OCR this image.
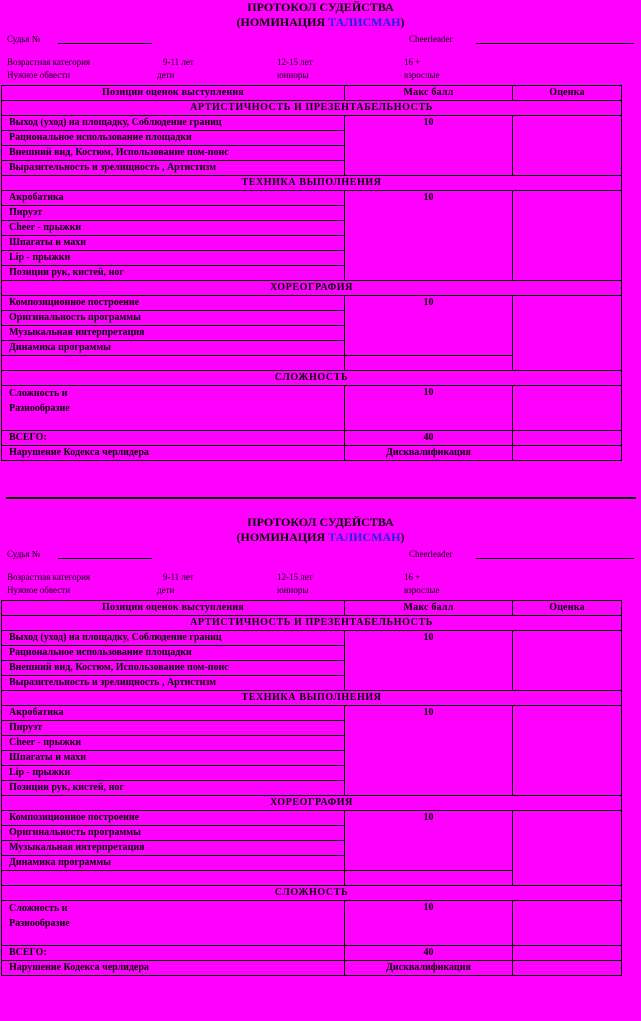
ПРОТОКОЛ СУДЕЙСТВА
(НОМИНАЦИЯ ТАЛИСМАН)
Судья №	Cheerleader
Возрастная категория	9-11 лет	12-15 лет	16 +
Нужное обвести	дети	юниоры	взрослые
Позиции оценок выступления	Макс балл	Оценка
АРТИСТИЧНОСТЬ И ПРЕЗЕНТАБЕЛЬНОСТЬ		
Выход (уход) на площадку, Соблюдение границ	10	
Рациональное использование площадки		
Внешний вид, Костюм, Использование пом-понс		
Выразительность и зрелищность , Артистизм		
ТЕХНИКА ВЫПОЛНЕНИЯ		
Акробатика	10	
Пируэт		
Cheer - прыжки		
Шпагаты и махи		
Lip - прыжки		
Позиции рук, кистей, ног		
ХОРЕОГРАФИЯ		
Композиционное построение	10	
Оригинальность программы		
Музыкальная интерпретация		
Динамика программы		

СЛОЖНОСТЬ		
Сложность и
Разнообразие	10	
ВСЕГО:	40	
Нарушение Кодекса черлидера	Дисквалификация	
ПРОТОКОЛ СУДЕЙСТВА
(НОМИНАЦИЯ ТАЛИСМАН)
Судья №	Cheerleader
Возрастная категория	9-11 лет	12-15 лет	16 +
Нужное обвести	дети	юниоры	взрослые
Позиции оценок выступления	Макс балл	Оценка
АРТИСТИЧНОСТЬ И ПРЕЗЕНТАБЕЛЬНОСТЬ		
Выход (уход) на площадку, Соблюдение границ	10	
Рациональное использование площадки		
Внешний вид, Костюм, Использование пом-понс		
Выразительность и зрелищность , Артистизм		
ТЕХНИКА ВЫПОЛНЕНИЯ		
Акробатика	10	
Пируэт		
Cheer - прыжки		
Шпагаты и махи		
Lip - прыжки		
Позиции рук, кистей, ног		
ХОРЕОГРАФИЯ		
Композиционное построение	10	
Оригинальность программы		
Музыкальная интерпретация		
Динамика программы		

СЛОЖНОСТЬ		
Сложность и
Разнообразие	10	
ВСЕГО:	40	
Нарушение Кодекса черлидера	Дисквалификация	
